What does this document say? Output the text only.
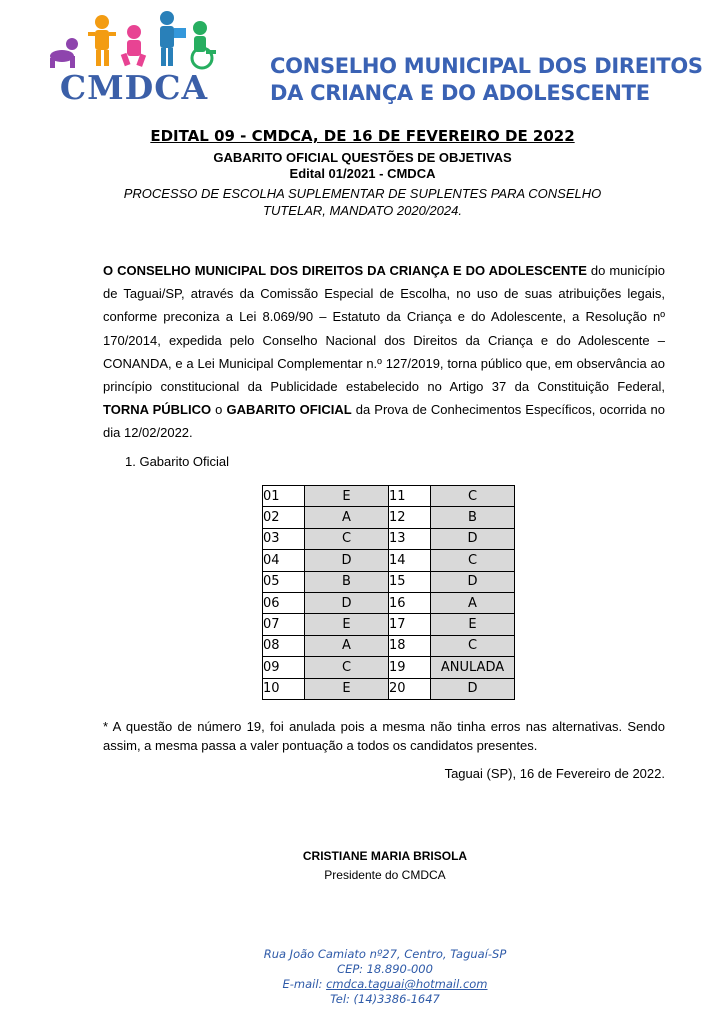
CMDCA
CONSELHO MUNICIPAL DOS DIREITOS
DA CRIANÇA E DO ADOLESCENTE
EDITAL 09 - CMDCA, DE 16 DE FEVEREIRO DE 2022
GABARITO OFICIAL QUESTÕES DE OBJETIVAS
Edital 01/2021 - CMDCA
PROCESSO DE ESCOLHA SUPLEMENTAR DE SUPLENTES PARA CONSELHO TUTELAR, MANDATO 2020/2024.
O CONSELHO MUNICIPAL DOS DIREITOS DA CRIANÇA E DO ADOLESCENTE do município de Taguai/SP, através da Comissão Especial de Escolha, no uso de suas atribuições legais, conforme preconiza a Lei 8.069/90 – Estatuto da Criança e do Adolescente, a Resolução nº 170/2014, expedida pelo Conselho Nacional dos Direitos da Criança e do Adolescente – CONANDA, e a Lei Municipal Complementar n.º 127/2019, torna público que, em observância ao princípio constitucional da Publicidade estabelecido no Artigo 37 da Constituição Federal, TORNA PÚBLICO o GABARITO OFICIAL da Prova de Conhecimentos Específicos, ocorrida no dia 12/02/2022.
1. Gabarito Oficial
01	E	11	C
02	A	12	B
03	C	13	D
04	D	14	C
05	B	15	D
06	D	16	A
07	E	17	E
08	A	18	C
09	C	19	ANULADA
10	E	20	D
* A questão de número 19, foi anulada pois a mesma não tinha erros nas alternativas. Sendo assim, a mesma passa a valer pontuação a todos os candidatos presentes.
Taguai (SP), 16 de Fevereiro de 2022.
CRISTIANE MARIA BRISOLA
Presidente do CMDCA
Rua João Camiato nº27, Centro, Taguaí-SP
CEP: 18.890-000
E-mail: cmdca.taguai@hotmail.com
Tel: (14)3386-1647
